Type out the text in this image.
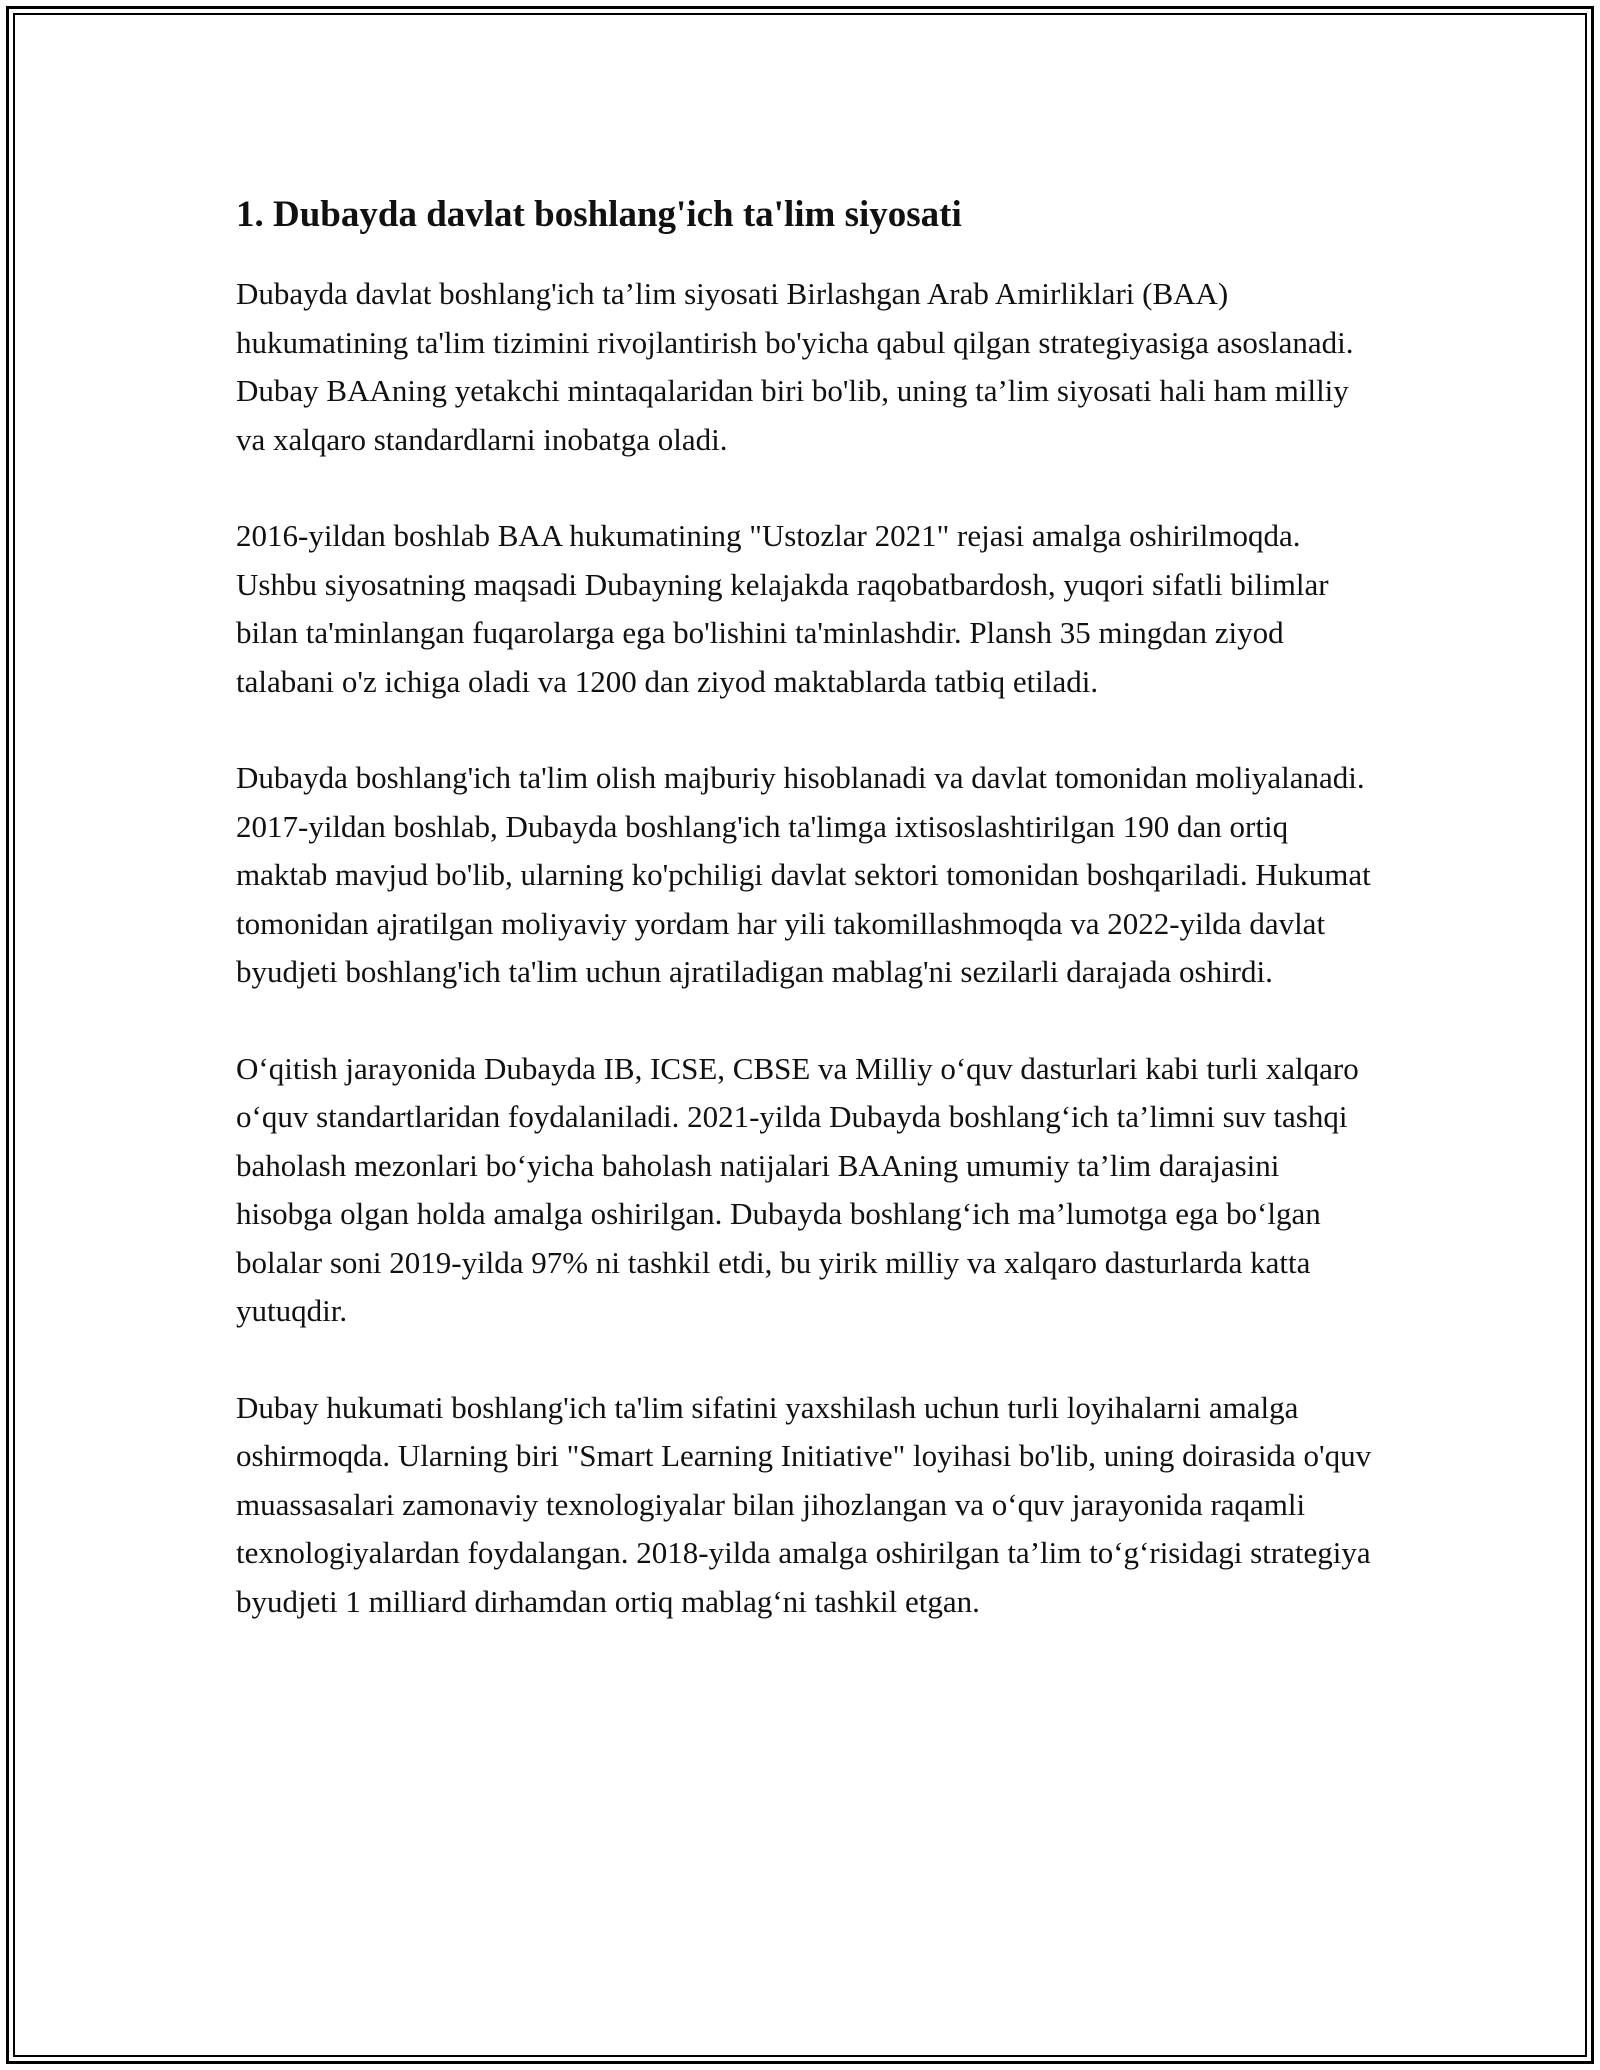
1. Dubayda davlat boshlang'ich ta'lim siyosati

Dubayda davlat boshlang'ich ta’lim siyosati Birlashgan Arab Amirliklari (BAA) hukumatining ta'lim tizimini rivojlantirish bo'yicha qabul qilgan strategiyasiga asoslanadi. Dubay BAAning yetakchi mintaqalaridan biri bo'lib, uning ta’lim siyosati hali ham milliy va xalqaro standardlarni inobatga oladi.

2016-yildan boshlab BAA hukumatining "Ustozlar 2021" rejasi amalga oshirilmoqda. Ushbu siyosatning maqsadi Dubayning kelajakda raqobatbardosh, yuqori sifatli bilimlar bilan ta'minlangan fuqarolarga ega bo'lishini ta'minlashdir. Plansh 35 mingdan ziyod talabani o'z ichiga oladi va 1200 dan ziyod maktablarda tatbiq etiladi.

Dubayda boshlang'ich ta'lim olish majburiy hisoblanadi va davlat tomonidan moliyalanadi. 2017-yildan boshlab, Dubayda boshlang'ich ta'limga ixtisoslashtirilgan 190 dan ortiq maktab mavjud bo'lib, ularning ko'pchiligi davlat sektori tomonidan boshqariladi. Hukumat tomonidan ajratilgan moliyaviy yordam har yili takomillashmoqda va 2022-yilda davlat byudjeti boshlang'ich ta'lim uchun ajratiladigan mablag'ni sezilarli darajada oshirdi.

O‘qitish jarayonida Dubayda IB, ICSE, CBSE va Milliy o‘quv dasturlari kabi turli xalqaro o‘quv standartlaridan foydalaniladi. 2021-yilda Dubayda boshlang‘ich ta’limni suv tashqi baholash mezonlari bo‘yicha baholash natijalari BAAning umumiy ta’lim darajasini hisobga olgan holda amalga oshirilgan. Dubayda boshlang‘ich ma’lumotga ega bo‘lgan bolalar soni 2019-yilda 97% ni tashkil etdi, bu yirik milliy va xalqaro dasturlarda katta yutuqdir.

Dubay hukumati boshlang'ich ta'lim sifatini yaxshilash uchun turli loyihalarni amalga oshirmoqda. Ularning biri "Smart Learning Initiative" loyihasi bo'lib, uning doirasida o'quv muassasalari zamonaviy texnologiyalar bilan jihozlangan va o‘quv jarayonida raqamli texnologiyalardan foydalangan. 2018-yilda amalga oshirilgan ta’lim to‘g‘risidagi strategiya byudjeti 1 milliard dirhamdan ortiq mablag‘ni tashkil etgan.
